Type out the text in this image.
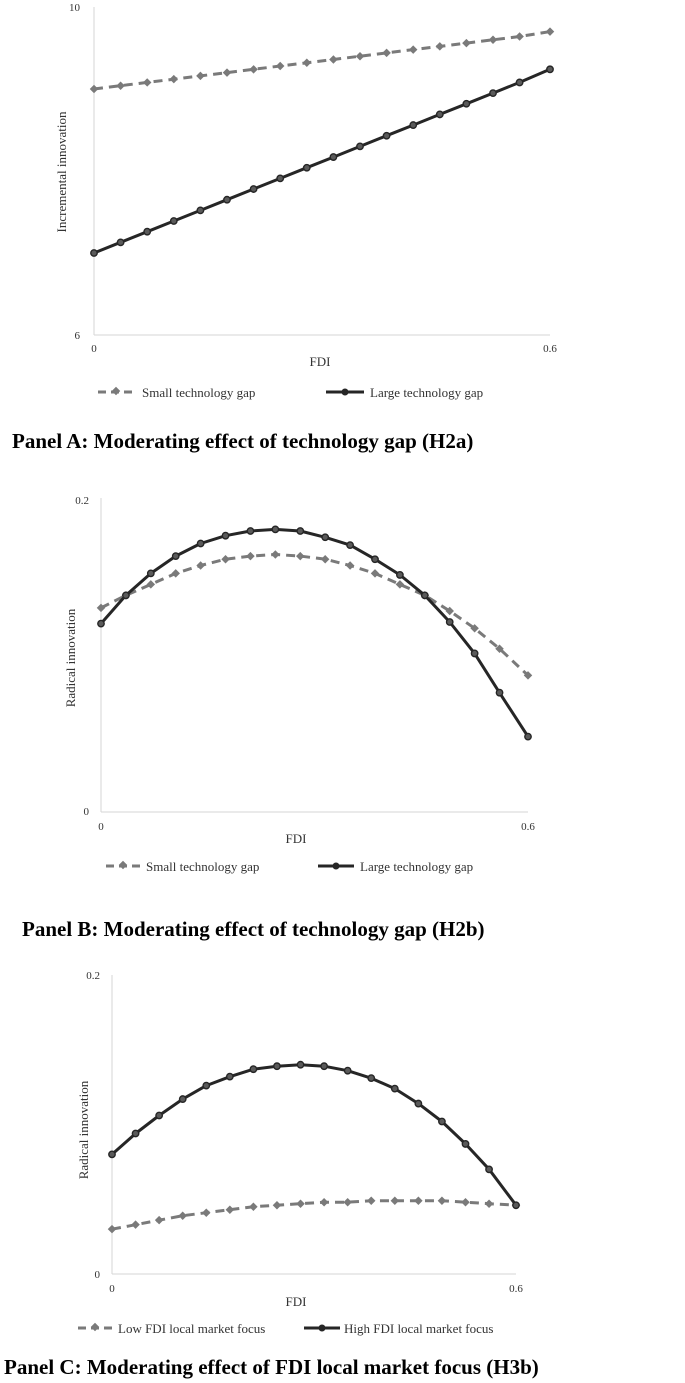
10
6
0	0.6
FDI
Incremental innovation
Small technology gap	Large technology gap
Panel A: Moderating effect of technology gap (H2a)
0.2
0
0	0.6
FDI
Radical innovation
Small technology gap	Large technology gap
Panel B: Moderating effect of technology gap (H2b)
0.2
0
0	0.6
FDI
Radical innovation
Low FDI local market focus	High FDI local market focus
Panel C: Moderating effect of FDI local market focus (H3b)
